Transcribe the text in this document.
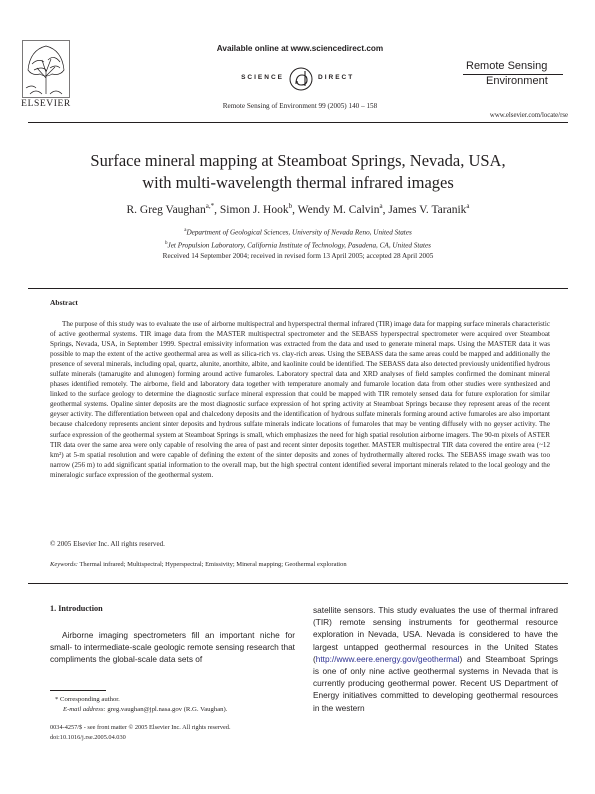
ELSEVIER
Available online at www.sciencedirect.com
SCIENCE	DIRECT
Remote Sensing of Environment 99 (2005) 140 – 158
Remote Sensing
Environment
www.elsevier.com/locate/rse
Surface mineral mapping at Steamboat Springs, Nevada, USA,
with multi-wavelength thermal infrared images
R. Greg Vaughan$^{a,*}$, Simon J. Hook$^b$, Wendy M. Calvin$^a$, James V. Taranik$^a$
$^a$Department of Geological Sciences, University of Nevada Reno, United States
$^b$Jet Propulsion Laboratory, California Institute of Technology, Pasadena, CA, United States
Received 14 September 2004; received in revised form 13 April 2005; accepted 28 April 2005
Abstract
The purpose of this study was to evaluate the use of airborne multispectral and hyperspectral thermal infrared (TIR) image data for mapping surface minerals characteristic of active geothermal systems. TIR image data from the MASTER multispectral spectrometer and the SEBASS hyperspectral spectrometer were acquired over Steamboat Springs, Nevada, USA, in September 1999. Spectral emissivity information was extracted from the data and used to generate mineral maps. Using the MASTER data it was possible to map the extent of the active geothermal area as well as silica-rich vs. clay-rich areas. Using the SEBASS data the same areas could be mapped and additionally the presence of several minerals, including opal, quartz, alunite, anorthite, albite, and kaolinite could be identified. The SEBASS data also detected previously unidentified hydrous sulfate minerals (tamarugite and alunogen) forming around active fumaroles. Laboratory spectral data and XRD analyses of field samples confirmed the dominant mineral phases identified remotely. The airborne, field and laboratory data together with temperature anomaly and fumarole location data from other studies were synthesized and linked to the surface geology to determine the diagnostic surface mineral expression that could be mapped with TIR remotely sensed data for future exploration for similar geothermal systems. Opaline sinter deposits are the most diagnostic surface expression of hot spring activity at Steamboat Springs because they represent areas of the recent geyser activity. The differentiation between opal and chalcedony deposits and the identification of hydrous sulfate minerals forming around active fumaroles are also important because chalcedony represents ancient sinter deposits and hydrous sulfate minerals indicate locations of fumaroles that may be venting diffusely with no geyser activity. The surface expression of the geothermal system at Steamboat Springs is small, which emphasizes the need for high spatial resolution airborne imagers. The 90-m pixels of ASTER TIR data over the same area were only capable of resolving the area of past and recent sinter deposits together. MASTER multispectral TIR data covered the entire area (~12 km²) at 5-m spatial resolution and were capable of defining the extent of the sinter deposits and zones of hydrothermally altered rocks. The SEBASS image swath was too narrow (256 m) to add significant spatial information to the overall map, but the high spectral content identified several important minerals related to the local geology and the mineralogic surface expression of the geothermal system.
© 2005 Elsevier Inc. All rights reserved.
Keywords: Thermal infrared; Multispectral; Hyperspectral; Emissivity; Mineral mapping; Geothermal exploration
1. Introduction
Airborne imaging spectrometers fill an important niche for small- to intermediate-scale geologic remote sensing research that compliments the global-scale data sets of
satellite sensors. This study evaluates the use of thermal infrared (TIR) remote sensing instruments for geothermal resource exploration in Nevada, USA. Nevada is considered to have the largest untapped geothermal resources in the United States (http://www.eere.energy.gov/geothermal) and Steamboat Springs is one of only nine active geothermal systems in Nevada that is currently producing geothermal power. Recent US Department of Energy initiatives committed to developing geothermal resources in the western
* Corresponding author.
E-mail address: greg.vaughan@jpl.nasa.gov (R.G. Vaughan).
0034-4257/$ - see front matter © 2005 Elsevier Inc. All rights reserved.
doi:10.1016/j.rse.2005.04.030
